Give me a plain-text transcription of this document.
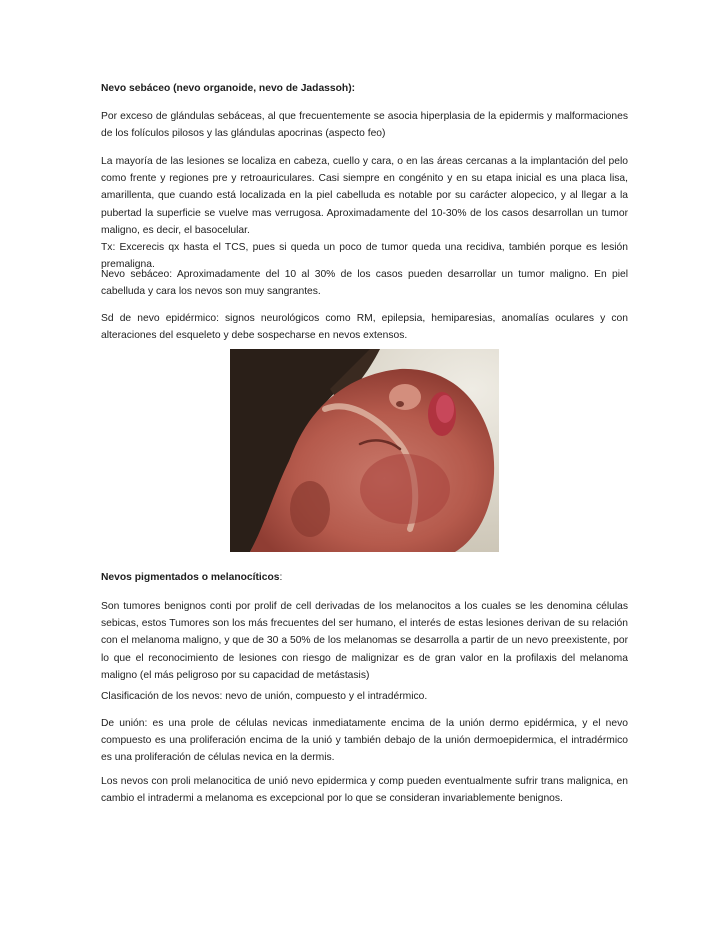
Nevo sebáceo (nevo organoide, nevo de Jadassoh):

Por exceso de glándulas sebáceas, al que frecuentemente se asocia hiperplasia de la epidermis y malformaciones de los folículos pilosos y las glándulas apocrinas (aspecto feo)

La mayoría de las lesiones se localiza en cabeza, cuello y cara, o en las áreas cercanas a la implantación del pelo como frente y regiones pre y retroauriculares. Casi siempre en congénito y en su etapa inicial es una placa lisa, amarillenta, que cuando está localizada en la piel cabelluda es notable por su carácter alopecico, y al llegar a la pubertad la superficie se vuelve mas verrugosa. Aproximadamente del 10-30% de los casos desarrollan un tumor maligno, es decir, el basocelular.

Tx: Excerecis qx hasta el TCS, pues si queda un poco de tumor queda una recidiva, también porque es lesión premaligna.

Nevo sebáceo: Aproximadamente del 10 al 30% de los casos pueden desarrollar un tumor maligno. En piel cabelluda y cara los nevos son muy sangrantes.

Sd de nevo epidérmico: signos neurológicos como RM, epilepsia, hemiparesias, anomalías oculares y con alteraciones del esqueleto y debe sospecharse en nevos extensos.

Nevos pigmentados o melanocíticos:

Son tumores benignos conti por prolif de cell derivadas de los melanocitos a los cuales se les denomina células sebicas, estos Tumores son los más frecuentes del ser humano, el interés de estas lesiones derivan de su relación con el melanoma maligno, y que de 30 a 50% de los melanomas se desarrolla a partir de un nevo preexistente, por lo que el reconocimiento de lesiones con riesgo de malignizar es de gran valor en la profilaxis del melanoma maligno (el más peligroso por su capacidad de metástasis)

Clasificación de los nevos: nevo de unión, compuesto y el intradérmico.

De unión: es una prole de células nevicas inmediatamente encima de la unión dermo epidérmica, y el nevo compuesto es una proliferación encima de la unió y también debajo de la unión dermoepidermica, el intradérmico es una proliferación de células nevica en la dermis.

Los nevos con proli melanocitica de unió nevo epidermica y comp pueden eventualmente sufrir trans malignica, en cambio el intradermi a melanoma es excepcional por lo que se consideran invariablemente benignos.
